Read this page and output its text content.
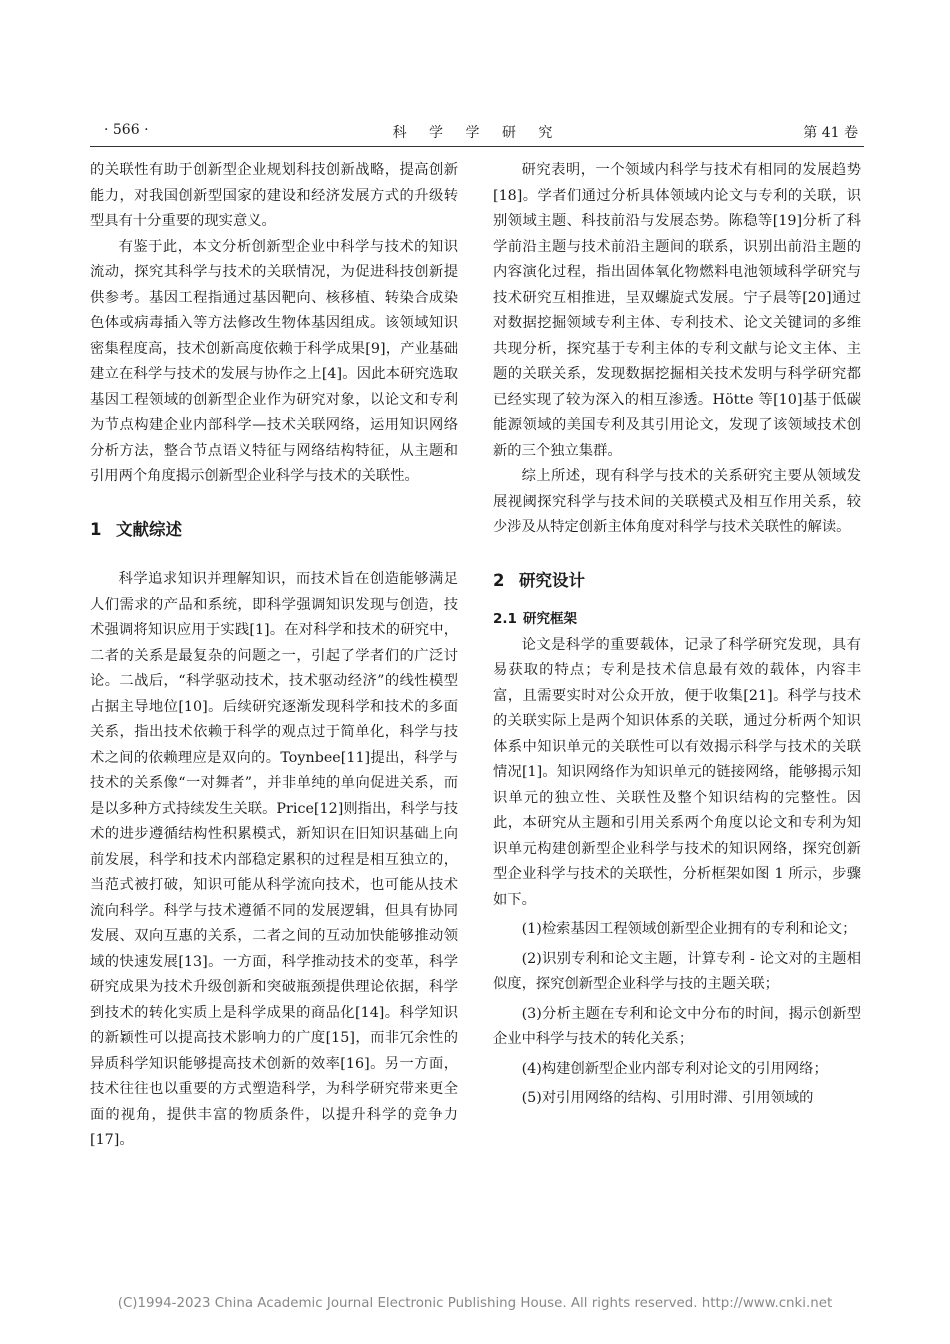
· 566 ·	科 学 学 研 究	第 41 卷

的关联性有助于创新型企业规划科技创新战略，提高创新能力，对我国创新型国家的建设和经济发展方式的升级转型具有十分重要的现实意义。

有鉴于此，本文分析创新型企业中科学与技术的知识流动，探究其科学与技术的关联情况，为促进科技创新提供参考。基因工程指通过基因靶向、核移植、转染合成染色体或病毒插入等方法修改生物体基因组成。该领域知识密集程度高，技术创新高度依赖于科学成果[9]，产业基础建立在科学与技术的发展与协作之上[4]。因此本研究选取基因工程领域的创新型企业作为研究对象，以论文和专利为节点构建企业内部科学—技术关联网络，运用知识网络分析方法，整合节点语义特征与网络结构特征，从主题和引用两个角度揭示创新型企业科学与技术的关联性。

1 文献综述

科学追求知识并理解知识，而技术旨在创造能够满足人们需求的产品和系统，即科学强调知识发现与创造，技术强调将知识应用于实践[1]。在对科学和技术的研究中，二者的关系是最复杂的问题之一，引起了学者们的广泛讨论。二战后，“科学驱动技术，技术驱动经济”的线性模型占据主导地位[10]。后续研究逐渐发现科学和技术的多面关系，指出技术依赖于科学的观点过于简单化，科学与技术之间的依赖理应是双向的。Toynbee[11]提出，科学与技术的关系像“一对舞者”，并非单纯的单向促进关系，而是以多种方式持续发生关联。Price[12]则指出，科学与技术的进步遵循结构性积累模式，新知识在旧知识基础上向前发展，科学和技术内部稳定累积的过程是相互独立的，当范式被打破，知识可能从科学流向技术，也可能从技术流向科学。科学与技术遵循不同的发展逻辑，但具有协同发展、双向互惠的关系，二者之间的互动加快能够推动领域的快速发展[13]。一方面，科学推动技术的变革，科学研究成果为技术升级创新和突破瓶颈提供理论依据，科学到技术的转化实质上是科学成果的商品化[14]。科学知识的新颖性可以提高技术影响力的广度[15]，而非冗余性的异质科学知识能够提高技术创新的效率[16]。另一方面，技术往往也以重要的方式塑造科学，为科学研究带来更全面的视角，提供丰富的物质条件，以提升科学的竞争力[17]。

研究表明，一个领域内科学与技术有相同的发展趋势[18]。学者们通过分析具体领域内论文与专利的关联，识别领域主题、科技前沿与发展态势。陈稳等[19]分析了科学前沿主题与技术前沿主题间的联系，识别出前沿主题的内容演化过程，指出固体氧化物燃料电池领域科学研究与技术研究互相推进，呈双螺旋式发展。宁子晨等[20]通过对数据挖掘领域专利主体、专利技术、论文关键词的多维共现分析，探究基于专利主体的专利文献与论文主体、主题的关联关系，发现数据挖掘相关技术发明与科学研究都已经实现了较为深入的相互渗透。Hötte 等[10]基于低碳能源领域的美国专利及其引用论文，发现了该领域技术创新的三个独立集群。

综上所述，现有科学与技术的关系研究主要从领域发展视阈探究科学与技术间的关联模式及相互作用关系，较少涉及从特定创新主体角度对科学与技术关联性的解读。

2 研究设计
2.1 研究框架

论文是科学的重要载体，记录了科学研究发现，具有易获取的特点；专利是技术信息最有效的载体，内容丰富，且需要实时对公众开放，便于收集[21]。科学与技术的关联实际上是两个知识体系的关联，通过分析两个知识体系中知识单元的关联性可以有效揭示科学与技术的关联情况[1]。知识网络作为知识单元的链接网络，能够揭示知识单元的独立性、关联性及整个知识结构的完整性。因此，本研究从主题和引用关系两个角度以论文和专利为知识单元构建创新型企业科学与技术的知识网络，探究创新型企业科学与技术的关联性，分析框架如图 1 所示，步骤如下。

(1)检索基因工程领域创新型企业拥有的专利和论文；

(2)识别专利和论文主题，计算专利 - 论文对的主题相似度，探究创新型企业科学与技的主题关联；

(3)分析主题在专利和论文中分布的时间，揭示创新型企业中科学与技术的转化关系；

(4)构建创新型企业内部专利对论文的引用网络；

(5)对引用网络的结构、引用时滞、引用领域的

(C)1994-2023 China Academic Journal Electronic Publishing House. All rights reserved. http://www.cnki.net
